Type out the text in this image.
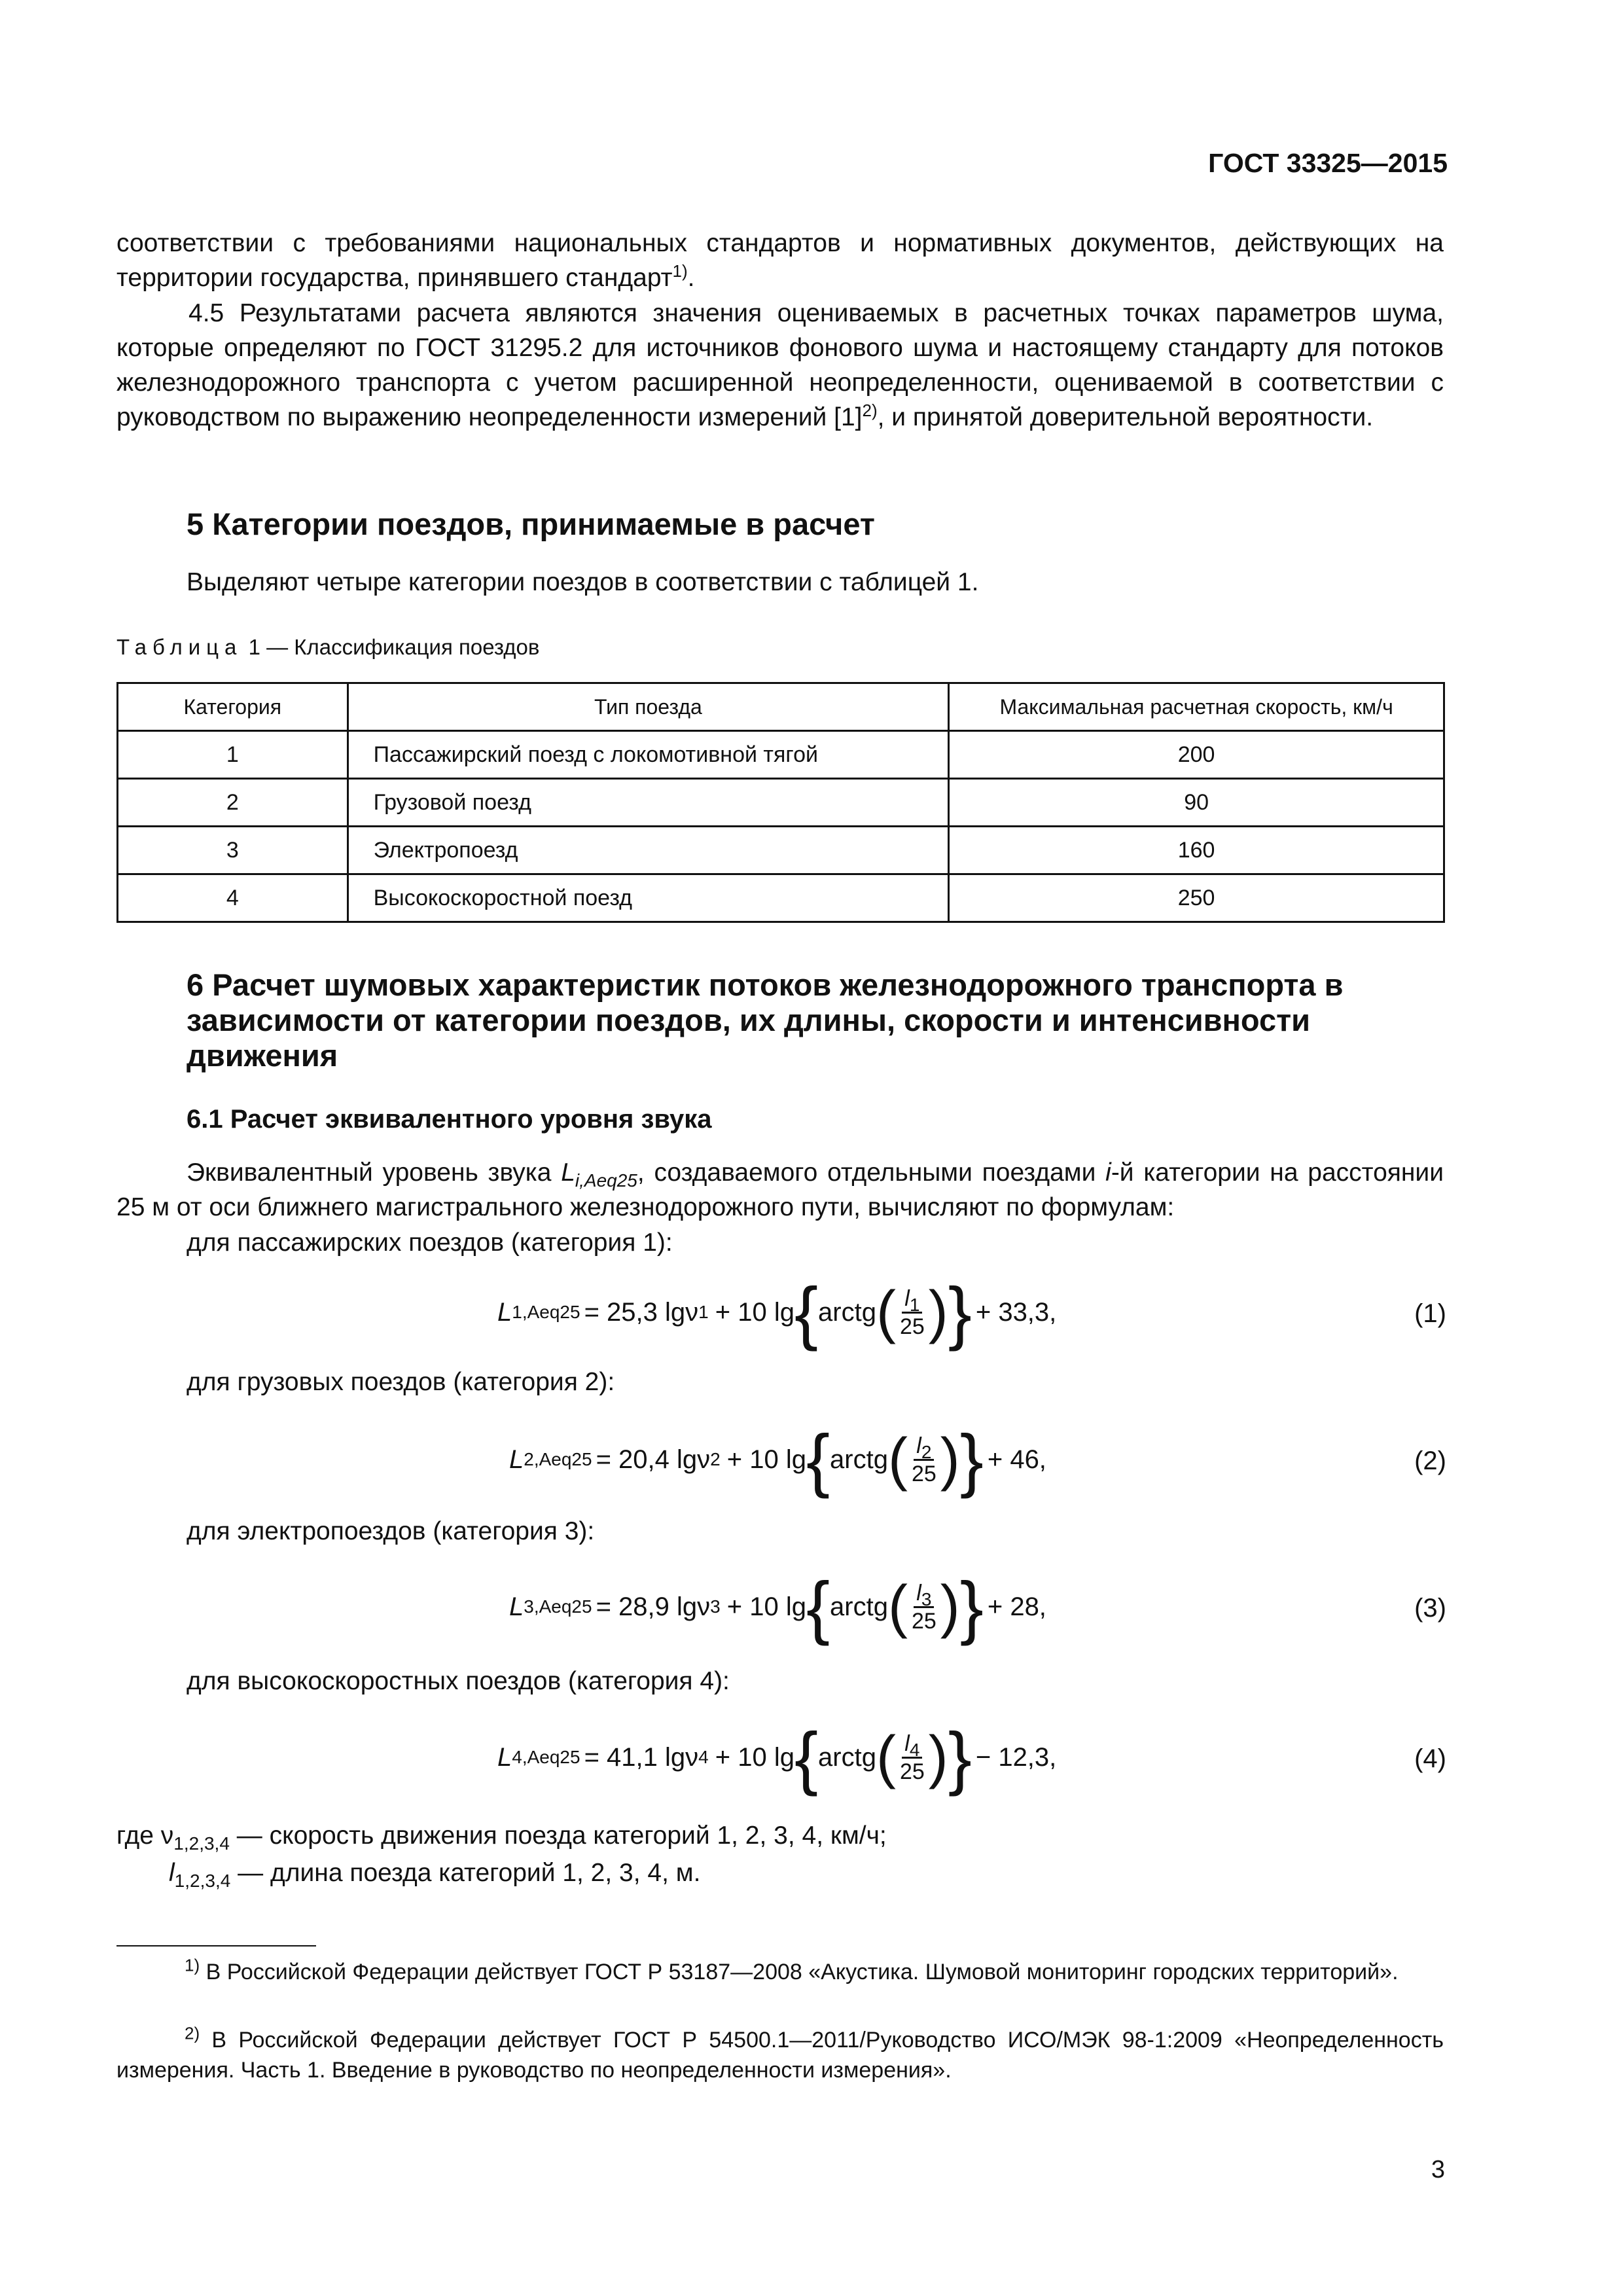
ГОСТ 33325—2015
соответствии с требованиями национальных стандартов и нормативных документов, действующих на территории государства, принявшего стандарт$^{1)}$.
4.5 Результатами расчета являются значения оцениваемых в расчетных точках параметров шума, которые определяют по ГОСТ 31295.2 для источников фонового шума и настоящему стандарту для потоков железнодорожного транспорта с учетом расширенной неопределенности, оцениваемой в соответствии с руководством по выражению неопределенности измерений $[1]^{2)}$, и принятой доверительной вероятности.
5 Категории поездов, принимаемые в расчет
Выделяют четыре категории поездов в соответствии с таблицей 1.
Таблица 1 — Классификация поездов
Категория	Тип поезда	Максимальная расчетная скорость, км/ч
1	Пассажирский поезд с локомотивной тягой	200
2	Грузовой поезд	90
3	Электропоезд	160
4	Высокоскоростной поезд	250
6 Расчет шумовых характеристик потоков железнодорожного транспорта в зависимости от категории поездов, их длины, скорости и интенсивности движения
6.1 Расчет эквивалентного уровня звука
Эквивалентный уровень звука $L_{i,Aeq25}$, создаваемого отдельными поездами i-й категории на расстоянии 25 м от оси ближнего магистрального железнодорожного пути, вычисляют по формулам:
для пассажирских поездов (категория 1):
L 1,Aeq25 = 25,3 lg ν 1 + 10 lg { arctg ( $\frac{l_1}{25}$ ) } + 33,3,	(1)
для грузовых поездов (категория 2):
L 2,Aeq25 = 20,4 lg ν 2 + 10 lg { arctg ( $\frac{l_2}{25}$ ) } + 46,	(2)
для электропоездов (категория 3):
L 3,Aeq25 = 28,9 lg ν 3 + 10 lg { arctg ( $\frac{l_3}{25}$ ) } + 28,	(3)
для высокоскоростных поездов (категория 4):
L 4,Aeq25 = 41,1 lg ν 4 + 10 lg { arctg ( $\frac{l_4}{25}$ ) } − 12,3,	(4)
где $\nu_{1,2,3,4}$ — скорость движения поезда категорий 1, 2, 3, 4, км/ч;
$l_{1,2,3,4}$ — длина поезда категорий 1, 2, 3, 4, м.
$^{1)}$ В Российской Федерации действует ГОСТ Р 53187—2008 «Акустика. Шумовой мониторинг городских территорий».
$^{2)}$ В Российской Федерации действует ГОСТ Р 54500.1—2011/Руководство ИСО/МЭК 98-1:2009 «Неопределенность измерения. Часть 1. Введение в руководство по неопределенности измерения».
3
